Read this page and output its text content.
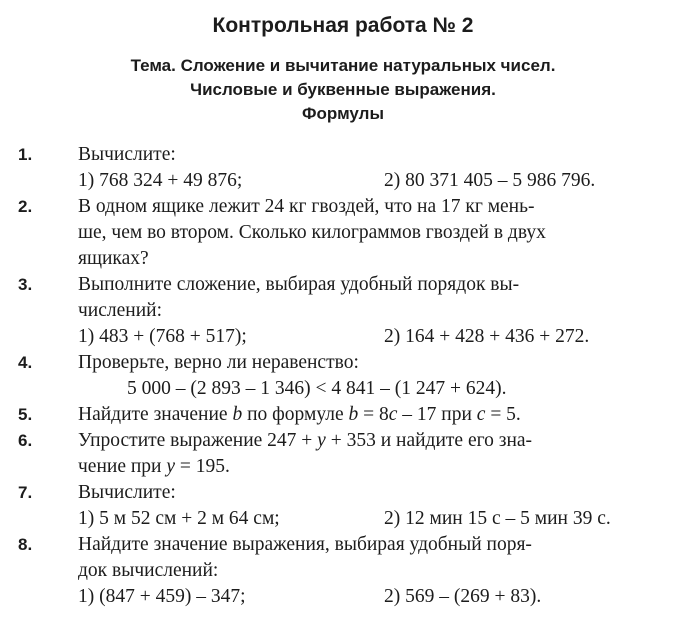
Контрольная работа № 2
Тема. Сложение и вычитание натуральных чисел.
Числовые и буквенные выражения.
Формулы
1. Вычислите:
1) 768 324 + 49 876;	2) 80 371 405 – 5 986 796.
2. В одном ящике лежит 24 кг гвоздей, что на 17 кг мень-
ше, чем во втором. Сколько килограммов гвоздей в двух
ящиках?
3. Выполните сложение, выбирая удобный порядок вы-
числений:
1) 483 + (768 + 517);	2) 164 + 428 + 436 + 272.
4. Проверьте, верно ли неравенство:
5 000 – (2 893 – 1 346) < 4 841 – (1 247 + 624).
5. Найдите значение b по формуле b = 8c – 17 при c = 5.
6. Упростите выражение 247 + y + 353 и найдите его зна-
чение при y = 195.
7. Вычислите:
1) 5 м 52 см + 2 м 64 см;	2) 12 мин 15 с – 5 мин 39 с.
8. Найдите значение выражения, выбирая удобный поря-
док вычислений:
1) (847 + 459) – 347;	2) 569 – (269 + 83).
